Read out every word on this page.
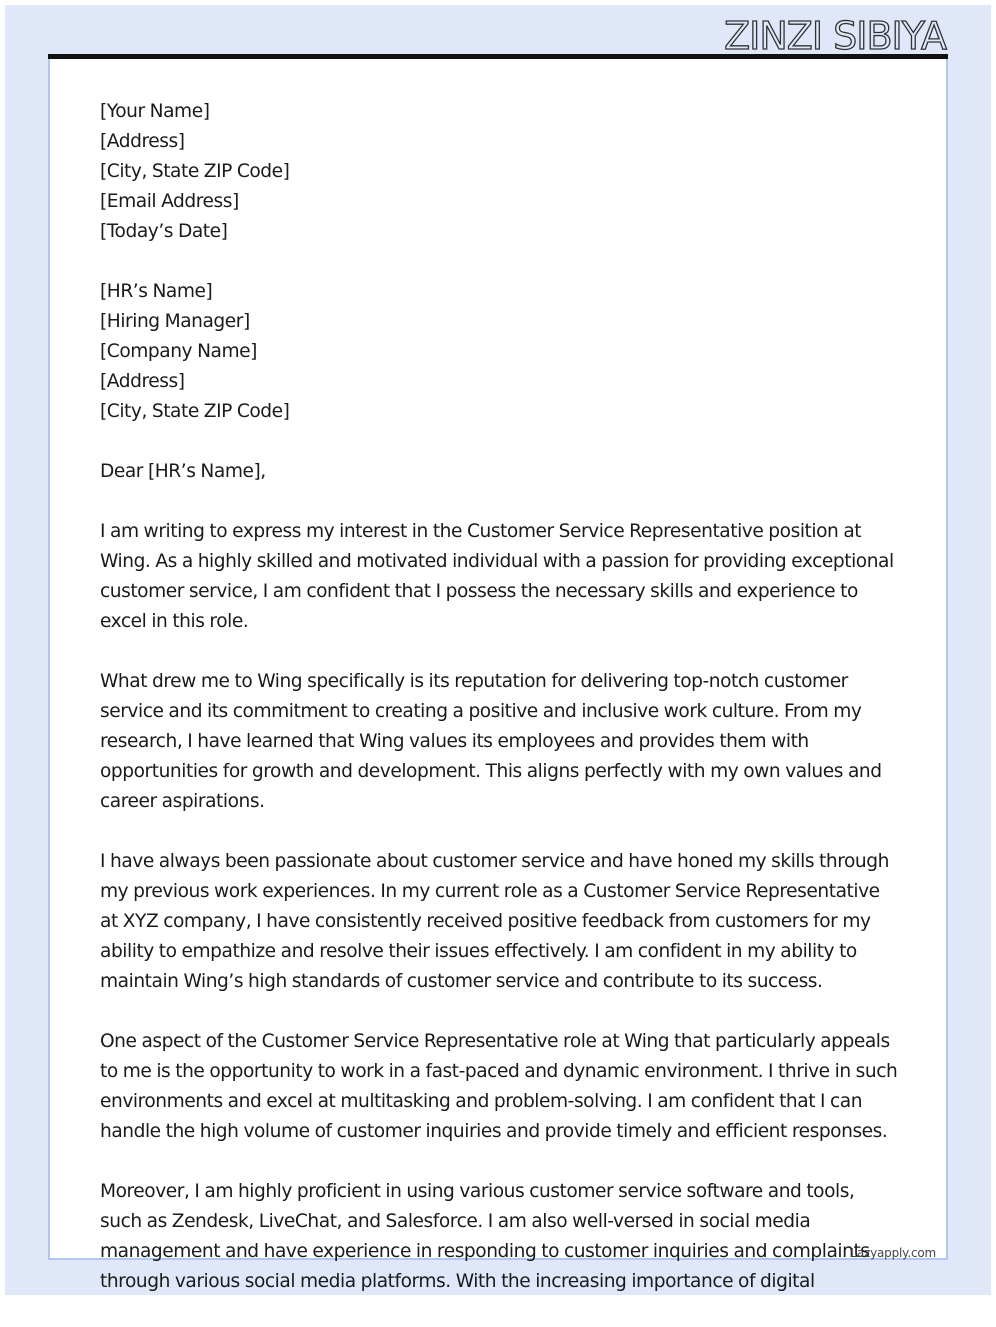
ZINZI SIBIYA
[Your Name]
[Address]
[City, State ZIP Code]
[Email Address]
[Today’s Date]
[HR’s Name]
[Hiring Manager]
[Company Name]
[Address]
[City, State ZIP Code]

Dear [HR’s Name],

I am writing to express my interest in the Customer Service Representative position at Wing. As a highly skilled and motivated individual with a passion for providing exceptional customer service, I am confident that I possess the necessary skills and experience to excel in this role.

What drew me to Wing specifically is its reputation for delivering top-notch customer service and its commitment to creating a positive and inclusive work culture. From my research, I have learned that Wing values its employees and provides them with opportunities for growth and development. This aligns perfectly with my own values and career aspirations.

I have always been passionate about customer service and have honed my skills through my previous work experiences. In my current role as a Customer Service Representative at XYZ company, I have consistently received positive feedback from customers for my ability to empathize and resolve their issues effectively. I am confident in my ability to maintain Wing’s high standards of customer service and contribute to its success.

One aspect of the Customer Service Representative role at Wing that particularly appeals to me is the opportunity to work in a fast-paced and dynamic environment. I thrive in such environments and excel at multitasking and problem-solving. I am confident that I can handle the high volume of customer inquiries and provide timely and efficient responses.

Moreover, I am highly proficient in using various customer service software and tools, such as Zendesk, LiveChat, and Salesforce. I am also well-versed in social media management and have experience in responding to customer inquiries and complaints through various social media platforms. With the increasing importance of digital

Lazyapply.com
